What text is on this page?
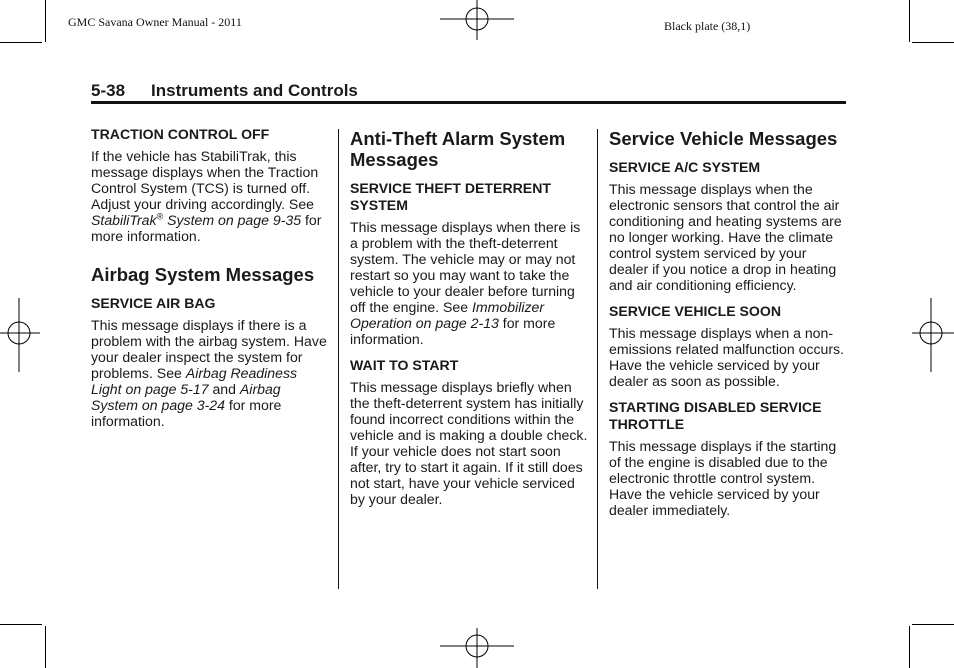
GMC Savana Owner Manual - 2011	Black plate (38,1)
5-38 Instruments and Controls
TRACTION CONTROL OFF

If the vehicle has StabiliTrak, this message displays when the Traction Control System (TCS) is turned off. Adjust your driving accordingly. See StabiliTrak® System on page 9-35 for more information.

Airbag System Messages
SERVICE AIR BAG

This message displays if there is a problem with the airbag system. Have your dealer inspect the system for problems. See Airbag Readiness Light on page 5-17 and Airbag System on page 3-24 for more information.

Anti-Theft Alarm System Messages
SERVICE THEFT DETERRENT SYSTEM

This message displays when there is a problem with the theft-deterrent system. The vehicle may or may not restart so you may want to take the vehicle to your dealer before turning off the engine. See Immobilizer Operation on page 2-13 for more information.

WAIT TO START

This message displays briefly when the theft-deterrent system has initially found incorrect conditions within the vehicle and is making a double check. If your vehicle does not start soon after, try to start it again. If it still does not start, have your vehicle serviced by your dealer.

Service Vehicle Messages
SERVICE A/C SYSTEM

This message displays when the electronic sensors that control the air conditioning and heating systems are no longer working. Have the climate control system serviced by your dealer if you notice a drop in heating and air conditioning efficiency.

SERVICE VEHICLE SOON

This message displays when a non-emissions related malfunction occurs. Have the vehicle serviced by your dealer as soon as possible.

STARTING DISABLED SERVICE THROTTLE

This message displays if the starting of the engine is disabled due to the electronic throttle control system. Have the vehicle serviced by your dealer immediately.
